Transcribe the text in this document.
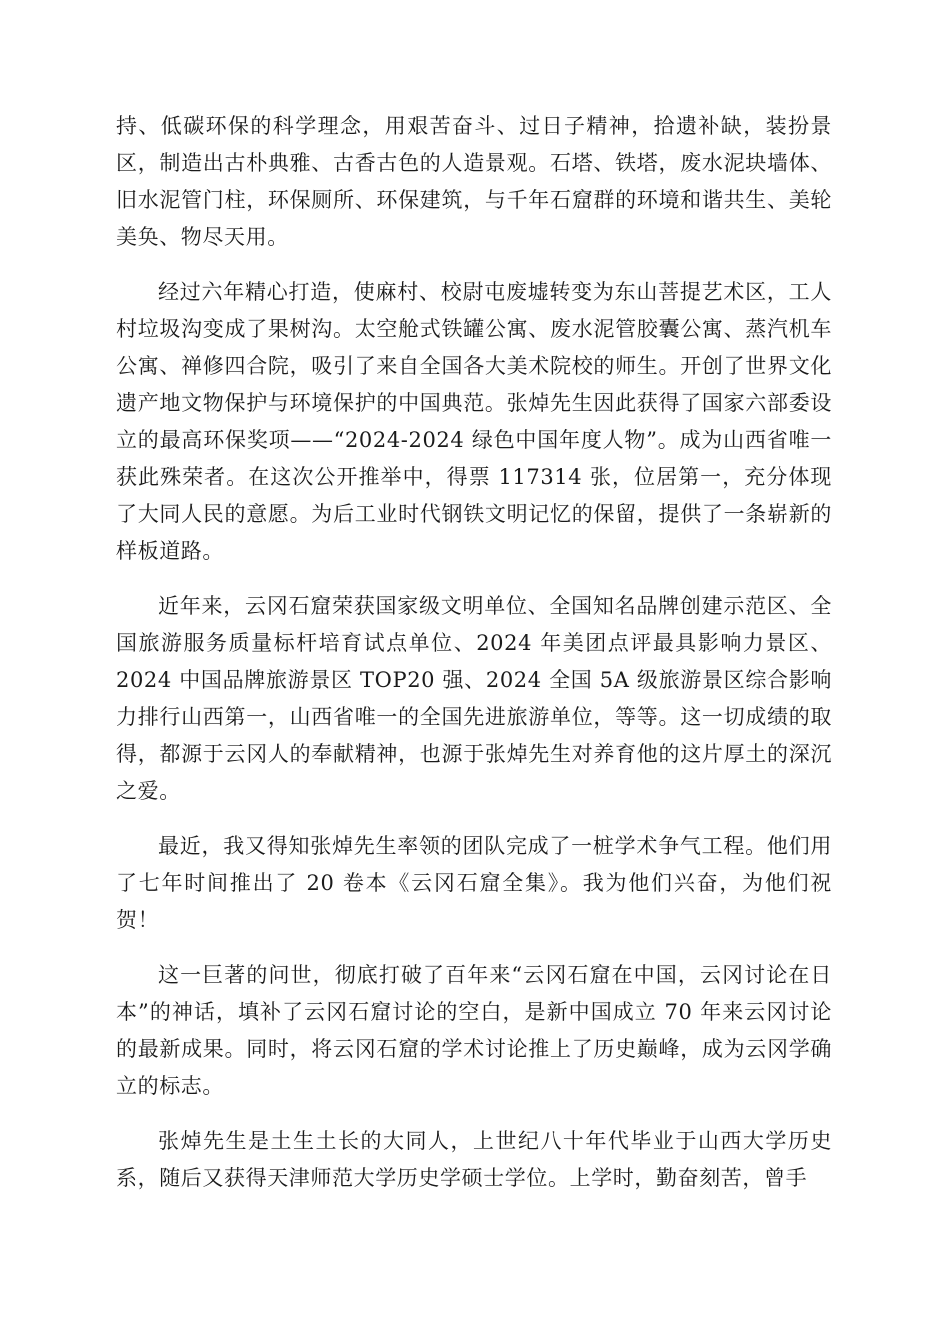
持、低碳环保的科学理念，用艰苦奋斗、过日子精神，拾遗补缺，装扮景区，制造出古朴典雅、古香古色的人造景观。石塔、铁塔，废水泥块墙体、旧水泥管门柱，环保厕所、环保建筑，与千年石窟群的环境和谐共生、美轮美奂、物尽天用。

经过六年精心打造，使麻村、校尉屯废墟转变为东山菩提艺术区，工人村垃圾沟变成了果树沟。太空舱式铁罐公寓、废水泥管胶囊公寓、蒸汽机车公寓、禅修四合院，吸引了来自全国各大美术院校的师生。开创了世界文化遗产地文物保护与环境保护的中国典范。张焯先生因此获得了国家六部委设立的最高环保奖项——“2024-2024 绿色中国年度人物”。成为山西省唯一获此殊荣者。在这次公开推举中，得票 117314 张，位居第一，充分体现了大同人民的意愿。为后工业时代钢铁文明记忆的保留，提供了一条崭新的样板道路。

近年来，云冈石窟荣获国家级文明单位、全国知名品牌创建示范区、全国旅游服务质量标杆培育试点单位、2024 年美团点评最具影响力景区、2024 中国品牌旅游景区 TOP20 强、2024 全国 5A 级旅游景区综合影响力排行山西第一，山西省唯一的全国先进旅游单位，等等。这一切成绩的取得，都源于云冈人的奉献精神，也源于张焯先生对养育他的这片厚土的深沉之爱。

最近，我又得知张焯先生率领的团队完成了一桩学术争气工程。他们用了七年时间推出了 20 卷本《云冈石窟全集》。我为他们兴奋，为他们祝贺！

这一巨著的问世，彻底打破了百年来“云冈石窟在中国，云冈讨论在日本”的神话，填补了云冈石窟讨论的空白，是新中国成立 70 年来云冈讨论的最新成果。同时，将云冈石窟的学术讨论推上了历史巅峰，成为云冈学确立的标志。

张焯先生是土生土长的大同人，上世纪八十年代毕业于山西大学历史系，随后又获得天津师范大学历史学硕士学位。上学时，勤奋刻苦，曾手
